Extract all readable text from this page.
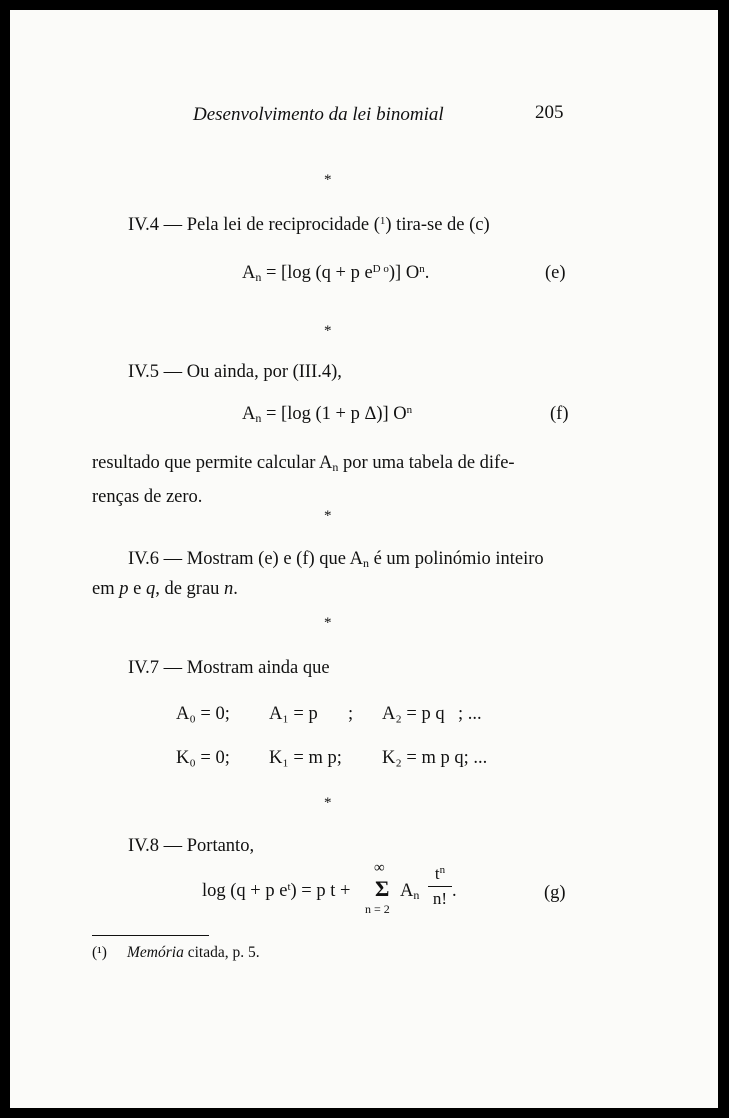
Desenvolvimento da lei binomial	205
*
IV.4 — Pela lei de reciprocidade ($^1$) tira-se de (c)
$A_n = [\log$ (q + p $e^{D o}$)] $O^n$.	(e)
*
IV.5 — Ou ainda, por (III.4),
$A_n = [\log$ (1 + p Δ)] $O^n$	(f)
resultado que permite calcular $A_n$ por uma tabela de dife-
renças de zero.
*
IV.6 — Mostram (e) e (f) que $A_n$ é um polinómio inteiro
em p e q, de grau n.
*
IV.7 — Mostram ainda que
A₀ = 0; A₁ = p ; A₂ = p q ; ...
K₀ = 0; K₁ = m p; K₂ = m p q; ...
*
IV.8 — Portanto,
log (q + p $e^t) = p$ t +
∞
Σ
n = 2
$A_n$
$t^n$
n! .	(g)
(¹) Memória citada, p. 5.
